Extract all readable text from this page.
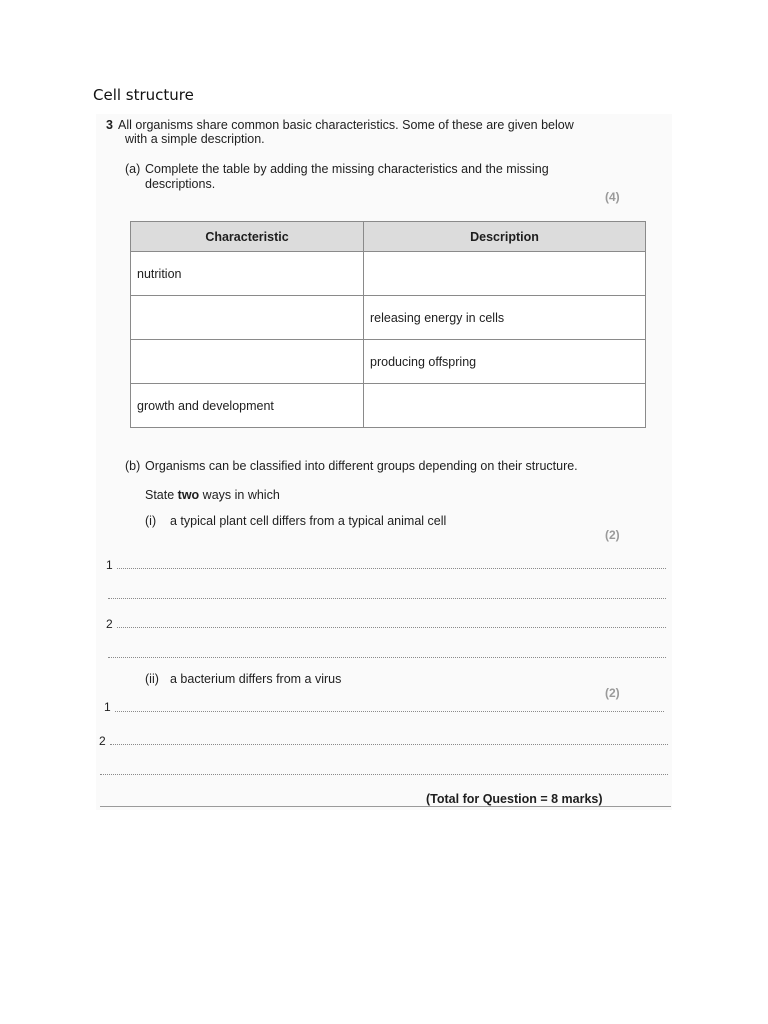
Cell structure
3 All organisms share common basic characteristics. Some of these are given below
with a simple description.
(a) Complete the table by adding the missing characteristics and the missing
descriptions.
(4)
Characteristic	Description
nutrition	
	releasing energy in cells
	producing offspring
growth and development	
(b) Organisms can be classified into different groups depending on their structure.
State two ways in which
(i) a typical plant cell differs from a typical animal cell
(2)
1
2
(ii) a bacterium differs from a virus
(2)
1
2
(Total for Question = 8 marks)
